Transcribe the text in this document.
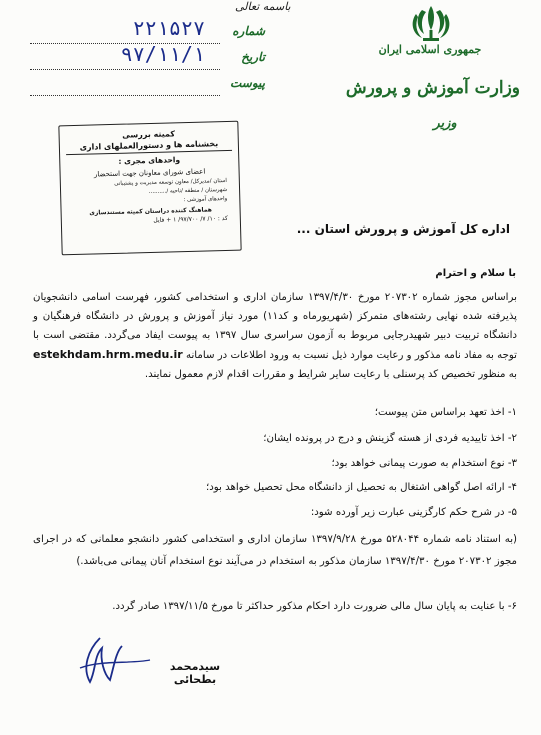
باسمه تعالی
جمهوری اسلامی ایران
وزارت آموزش و پرورش
وزیر
شماره
۲۲۱۵۲۷
تاریخ
۹۷/۱۱/۱
پیوست
کمیته بررسی
بخشنامه ها و دستورالعملهای اداری
واحدهای مجری :
اعضای شورای معاونان جهت استحضار
استان /مدیرکل/ معاون توسعه مدیریت و پشتیبانی
شهرستان / منطقه /ناحیه /..........
واحدهای آموزشی :
هماهنگ کننده دراستان کمیته مستندسازی
کد : ۱۰/ ۷/ ۹۷/۷۰۰/ ۱ + فایل
اداره کل آموزش و پرورش استان ...
با سلام و احترام

براساس مجوز شماره ۲۰۷۳۰۲ مورخ ۱۳۹۷/۴/۳۰ سازمان اداری و استخدامی کشور، فهرست اسامی دانشجویان پذیرفته شده نهایی رشته‌های متمرکز (شهریورماه و کد۱۱) مورد نیاز آموزش و پرورش در دانشگاه فرهنگیان و دانشگاه تربیت دبیر شهیدرجایی مربوط به آزمون سراسری سال ۱۳۹۷ به پیوست ایفاد می‌گردد. مقتضی است با توجه به مفاد نامه مذکور و رعایت موارد ذیل نسبت به ورود اطلاعات در سامانه estekhdam.hrm.medu.ir به منظور تخصیص کد پرسنلی با رعایت سایر شرایط و مقررات اقدام لازم معمول نمایند.

۱- اخذ تعهد براساس متن پیوست؛
۲- اخذ تاییدیه فردی از هسته گزینش و درج در پرونده ایشان؛
۳- نوع استخدام به صورت پیمانی خواهد بود؛
۴- ارائه اصل گواهی اشتغال به تحصیل از دانشگاه محل تحصیل خواهد بود؛
۵- در شرح حکم کارگزینی عبارت زیر آورده شود:
(به استناد نامه شماره ۵۲۸۰۴۴ مورخ ۱۳۹۷/۹/۲۸ سازمان اداری و استخدامی کشور دانشجو معلمانی که در اجرای مجوز ۲۰۷۳۰۲ مورخ ۱۳۹۷/۴/۳۰ سازمان مذکور به استخدام در می‌آیند نوع استخدام آنان پیمانی می‌باشد.)
۶- با عنایت به پایان سال مالی ضرورت دارد احکام مذکور حداکثر تا مورخ ۱۳۹۷/۱۱/۵ صادر گردد.
سیدمحمد بطحائی
